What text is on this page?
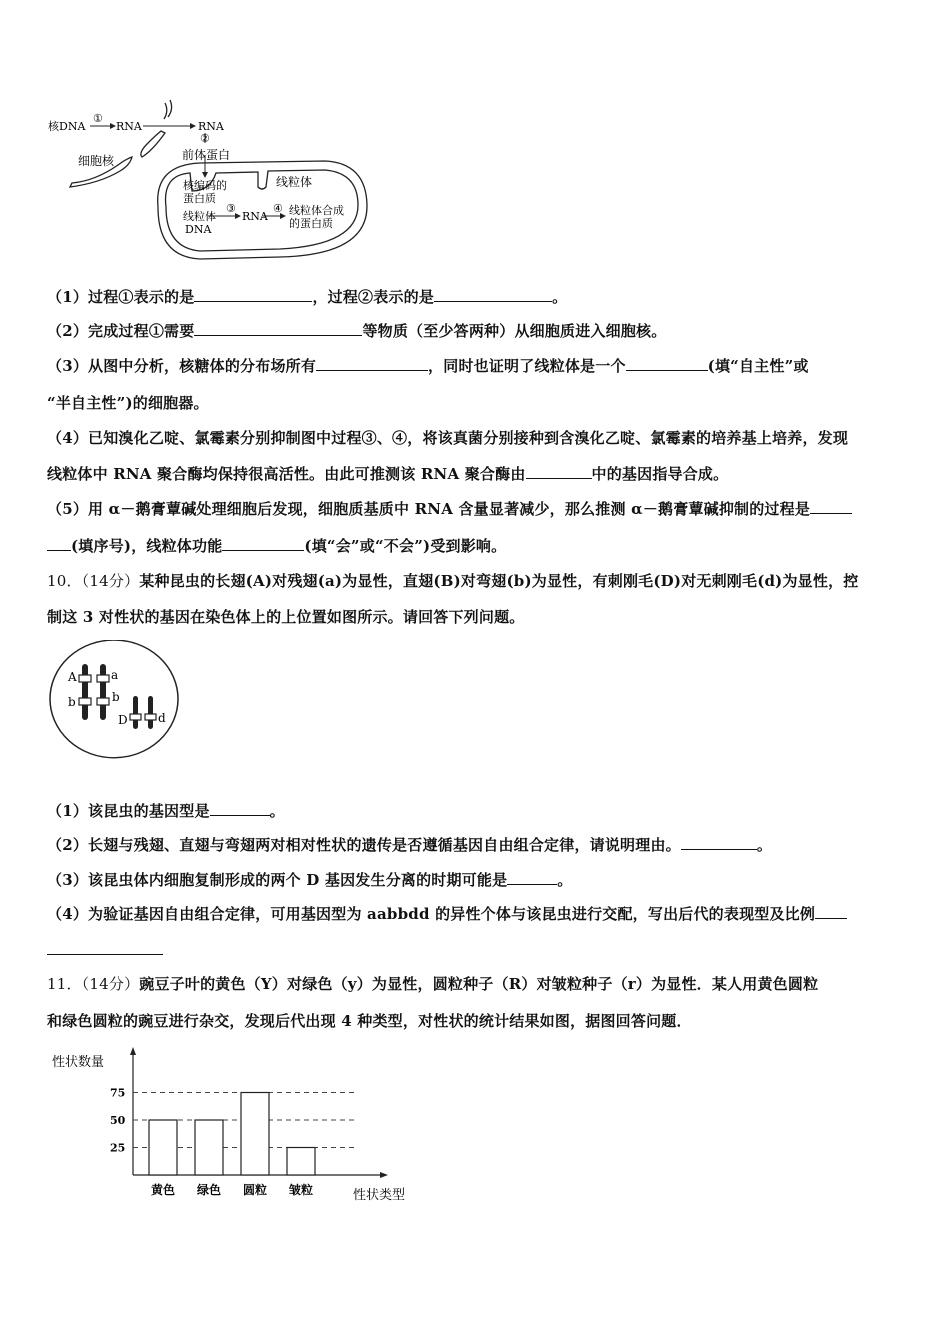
核DNA
①
RNA	RNA
②
细胞核	前体蛋白
核编码的
蛋白质
线粒体
线粒体
DNA
③
RNA
④ 线粒体合成
的蛋白质
（1）过程①表示的是	，过程②表示的是	。
（2）完成过程①需要	等物质（至少答两种）从细胞质进入细胞核。
（3）从图中分析，核糖体的分布场所有	，同时也证明了线粒体是一个	(填“自主性”或
“半自主性”)的细胞器。
（4）已知溴化乙啶、氯霉素分别抑制图中过程③、④，将该真菌分别接种到含溴化乙啶、氯霉素的培养基上培养，发现
线粒体中 RNA 聚合酶均保持很高活性。由此可推测该 RNA 聚合酶由	中的基因指导合成。
（5）用 α－鹅膏蕈碱处理细胞后发现，细胞质基质中 RNA 含量显著减少，那么推测 α－鹅膏蕈碱抑制的过程是
(填序号)，线粒体功能	(填“会”或“不会”)受到影响。
10．（14分）某种昆虫的长翅(A)对残翅(a)为显性，直翅(B)对弯翅(b)为显性，有刺刚毛(D)对无刺刚毛(d)为显性，控
制这 3 对性状的基因在染色体上的上位置如图所示。请回答下列问题。
A	a
b	b
D	d
（1）该昆虫的基因型是	。
（2）长翅与残翅、直翅与弯翅两对相对性状的遗传是否遵循基因自由组合定律，请说明理由。	。
（3）该昆虫体内细胞复制形成的两个 D 基因发生分离的时期可能是	。
（4）为验证基因自由组合定律，可用基因型为 aabbdd 的异性个体与该昆虫进行交配，写出后代的表现型及比例
11．（14分）豌豆子叶的黄色（Y）对绿色（y）为显性，圆粒种子（R）对皱粒种子（r）为显性．某人用黄色圆粒
和绿色圆粒的豌豆进行杂交，发现后代出现 4 种类型，对性状的统计结果如图，据图回答问题．
性状数量
性状类型
25
50
75
黄色 绿色 圆粒 皱粒
